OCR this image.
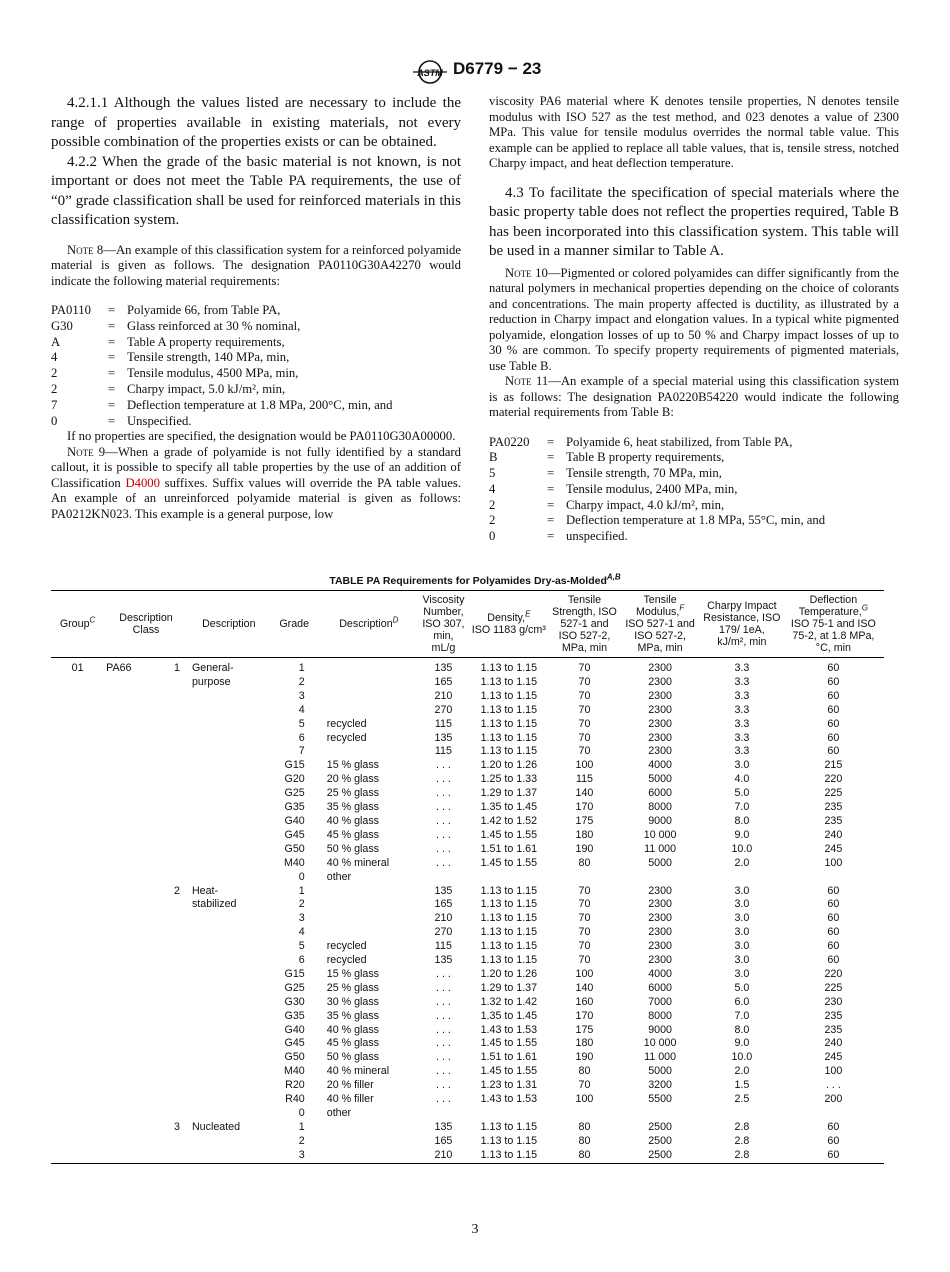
ASTM D6779 − 23

4.2.1.1 Although the values listed are necessary to include the range of properties available in existing materials, not every possible combination of the properties exists or can be obtained.

4.2.2 When the grade of the basic material is not known, is not important or does not meet the Table PA requirements, the use of “0” grade classification shall be used for reinforced materials in this classification system.

Note 8—An example of this classification system for a reinforced polyamide material is given as follows. The designation PA0110G30A42270 would indicate the following material requirements:

PA0110	= Polyamide 66, from Table PA,
G30	= Glass reinforced at 30 % nominal,
A	= Table A property requirements,
4	= Tensile strength, 140 MPa, min,
2	= Tensile modulus, 4500 MPa, min,
2	= Charpy impact, 5.0 kJ/m², min,
7	= Deflection temperature at 1.8 MPa, 200°C, min, and
0	= Unspecified.

If no properties are specified, the designation would be PA0110G30A00000.

Note 9—When a grade of polyamide is not fully identified by a standard callout, it is possible to specify all table properties by the use of an addition of Classification D4000 suffixes. Suffix values will override the PA table values. An example of an unreinforced polyamide material is given as follows: PA0212KN023. This example is a general purpose, low

viscosity PA6 material where K denotes tensile properties, N denotes tensile modulus with ISO 527 as the test method, and 023 denotes a value of 2300 MPa. This value for tensile modulus overrides the normal table value. This example can be applied to replace all table values, that is, tensile stress, notched Charpy impact, and heat deflection temperature.

4.3 To facilitate the specification of special materials where the basic property table does not reflect the properties required, Table B has been incorporated into this classification system. This table will be used in a manner similar to Table A.

Note 10—Pigmented or colored polyamides can differ significantly from the natural polymers in mechanical properties depending on the choice of colorants and concentrations. The main property affected is ductility, as illustrated by a reduction in Charpy impact and elongation values. In a typical white pigmented polyamide, elongation losses of up to 50 % and Charpy impact losses of up to 30 % are common. To specify property requirements of pigmented materials, use Table B.

Note 11—An example of a special material using this classification system is as follows: The designation PA0220B54220 would indicate the following material requirements from Table B:

PA0220	= Polyamide 6, heat stabilized, from Table PA,
B	= Table B property requirements,
5	= Tensile strength, 70 MPa, min,
4	= Tensile modulus, 2400 MPa, min,
2	= Charpy impact, 4.0 kJ/m², min,
2	= Deflection temperature at 1.8 MPa, 55°C, min, and
0	= unspecified.
TABLE PA Requirements for Polyamides Dry-as-Molded$^{A,B}$
Group$^C$	Description Class		Description	Grade	Description$^D$	Viscosity Number, ISO 307, min, mL/g	Density,$^E$
ISO 1183 g/cm³	Tensile Strength, ISO 527-1 and ISO 527-2, MPa, min	Tensile Modulus,$^F$
ISO 527-1 and ISO 527-2, MPa, min	Charpy Impact Resistance, ISO 179/ 1eA, kJ/m², min	Deflection Temperature,$^G$
ISO 75-1 and ISO 75-2, at 1.8 MPa, °C, min
01	PA66	1	General-	1		135	1.13 to 1.15	70	2300	3.3	60
			purpose	2		165	1.13 to 1.15	70	2300	3.3	60
				3		210	1.13 to 1.15	70	2300	3.3	60
				4		270	1.13 to 1.15	70	2300	3.3	60
				5	recycled	115	1.13 to 1.15	70	2300	3.3	60
				6	recycled	135	1.13 to 1.15	70	2300	3.3	60
				7		115	1.13 to 1.15	70	2300	3.3	60
				G15	15 % glass	. . .	1.20 to 1.26	100	4000	3.0	215
				G20	20 % glass	. . .	1.25 to 1.33	115	5000	4.0	220
				G25	25 % glass	. . .	1.29 to 1.37	140	6000	5.0	225
				G35	35 % glass	. . .	1.35 to 1.45	170	8000	7.0	235
				G40	40 % glass	. . .	1.42 to 1.52	175	9000	8.0	235
				G45	45 % glass	. . .	1.45 to 1.55	180	10 000	9.0	240
				G50	50 % glass	. . .	1.51 to 1.61	190	11 000	10.0	245
				M40	40 % mineral	. . .	1.45 to 1.55	80	5000	2.0	100
				0	other						
		2	Heat-	1		135	1.13 to 1.15	70	2300	3.0	60
			stabilized	2		165	1.13 to 1.15	70	2300	3.0	60
				3		210	1.13 to 1.15	70	2300	3.0	60
				4		270	1.13 to 1.15	70	2300	3.0	60
				5	recycled	115	1.13 to 1.15	70	2300	3.0	60
				6	recycled	135	1.13 to 1.15	70	2300	3.0	60
				G15	15 % glass	. . .	1.20 to 1.26	100	4000	3.0	220
				G25	25 % glass	. . .	1.29 to 1.37	140	6000	5.0	225
				G30	30 % glass	. . .	1.32 to 1.42	160	7000	6.0	230
				G35	35 % glass	. . .	1.35 to 1.45	170	8000	7.0	235
				G40	40 % glass	. . .	1.43 to 1.53	175	9000	8.0	235
				G45	45 % glass	. . .	1.45 to 1.55	180	10 000	9.0	240
				G50	50 % glass	. . .	1.51 to 1.61	190	11 000	10.0	245
				M40	40 % mineral	. . .	1.45 to 1.55	80	5000	2.0	100
				R20	20 % filler	. . .	1.23 to 1.31	70	3200	1.5	. . .
				R40	40 % filler	. . .	1.43 to 1.53	100	5500	2.5	200
				0	other						
		3	Nucleated	1		135	1.13 to 1.15	80	2500	2.8	60
				2		165	1.13 to 1.15	80	2500	2.8	60
				3		210	1.13 to 1.15	80	2500	2.8	60
3
